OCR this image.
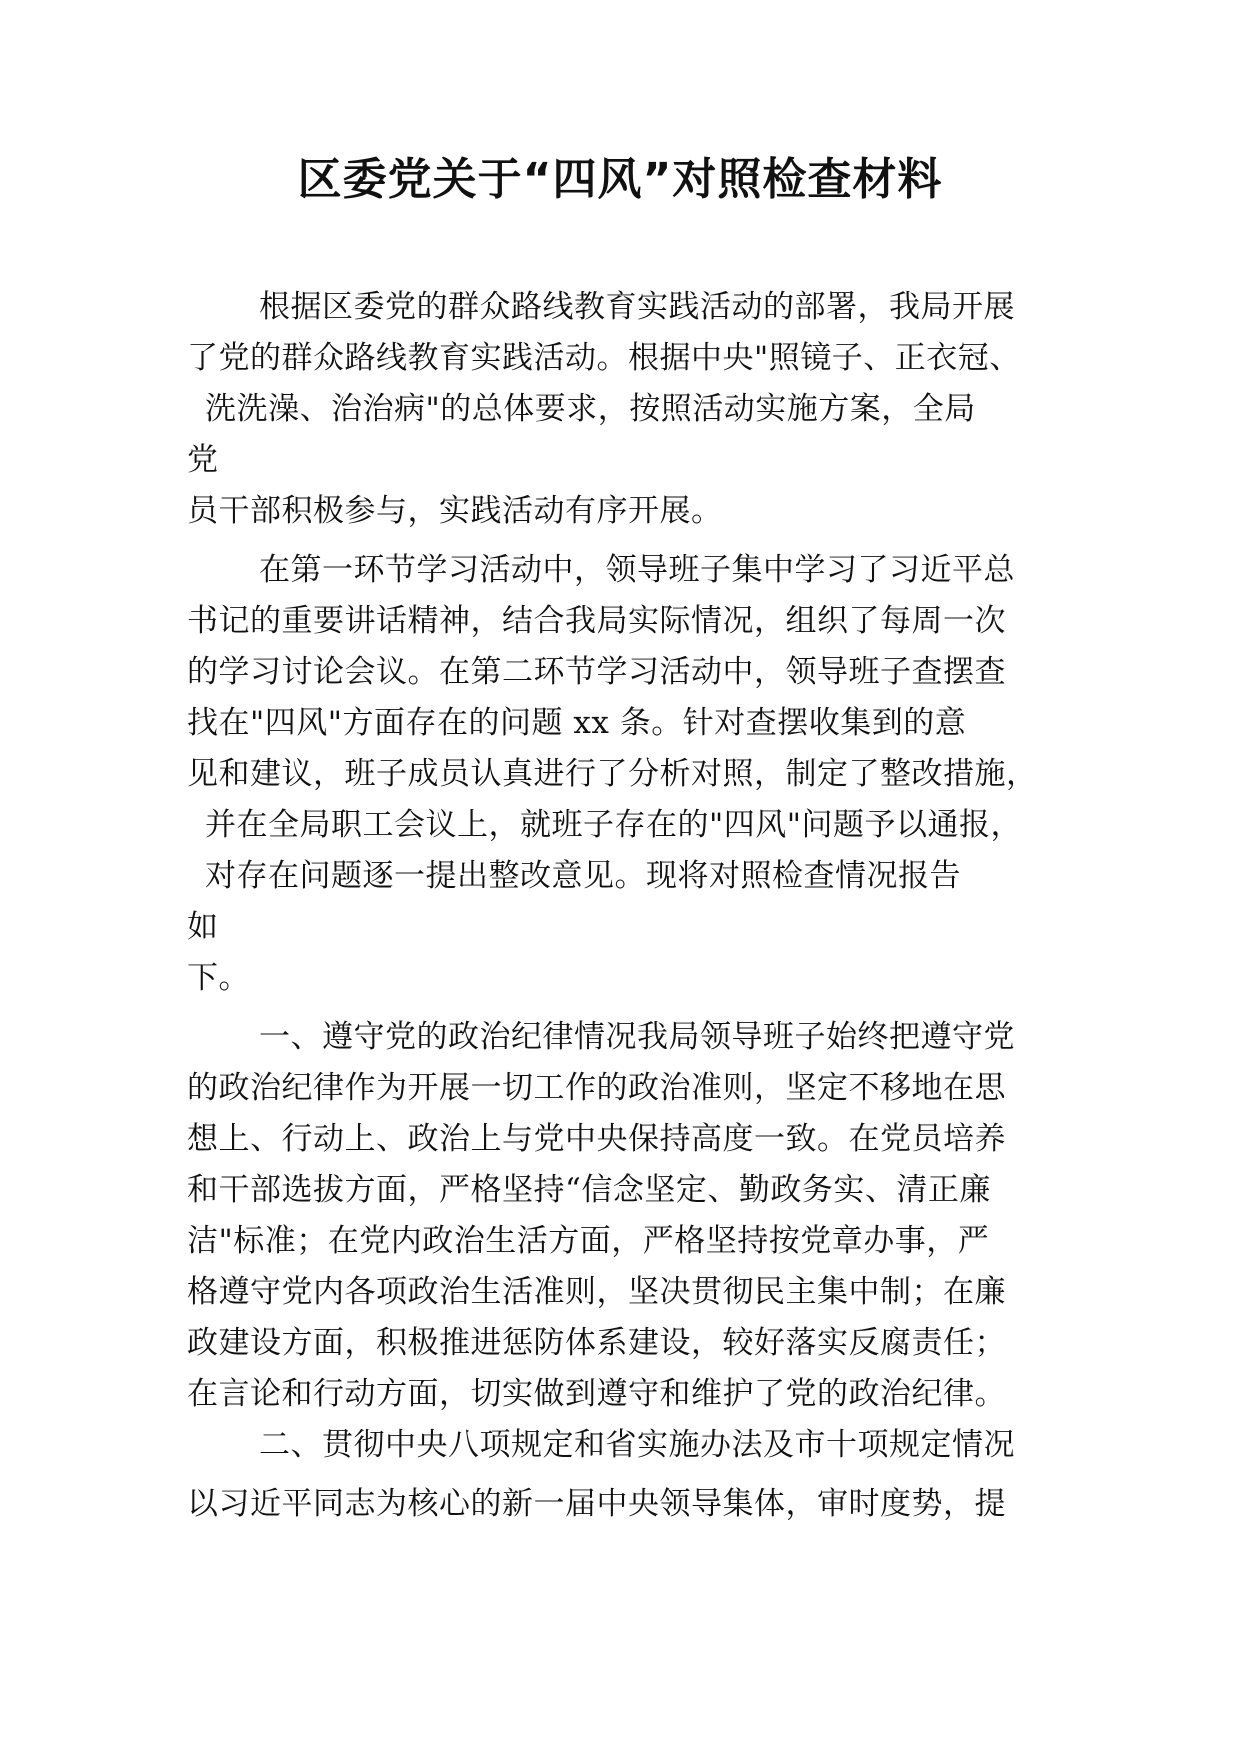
区委党关于“四风”对照检查材料

根据区委党的群众路线教育实践活动的部署，我局开展
了党的群众路线教育实践活动。根据中央"照镜子、正衣冠、
洗洗澡、治治病"的总体要求，按照活动实施方案，全局
党
员干部积极参与，实践活动有序开展。

在第一环节学习活动中，领导班子集中学习了习近平总
书记的重要讲话精神，结合我局实际情况，组织了每周一次
的学习讨论会议。在第二环节学习活动中，领导班子查摆查
找在"四风"方面存在的问题 xx 条。针对查摆收集到的意
见和建议，班子成员认真进行了分析对照，制定了整改措施，
并在全局职工会议上，就班子存在的"四风"问题予以通报，
对存在问题逐一提出整改意见。现将对照检查情况报告
如
下。

一、遵守党的政治纪律情况我局领导班子始终把遵守党
的政治纪律作为开展一切工作的政治准则，坚定不移地在思
想上、行动上、政治上与党中央保持高度一致。在党员培养
和干部选拔方面，严格坚持“信念坚定、勤政务实、清正廉
洁"标准；在党内政治生活方面，严格坚持按党章办事，严
格遵守党内各项政治生活准则，坚决贯彻民主集中制；在廉
政建设方面，积极推进惩防体系建设，较好落实反腐责任；
在言论和行动方面，切实做到遵守和维护了党的政治纪律。

二、贯彻中央八项规定和省实施办法及市十项规定情况

以习近平同志为核心的新一届中央领导集体，审时度势，提
